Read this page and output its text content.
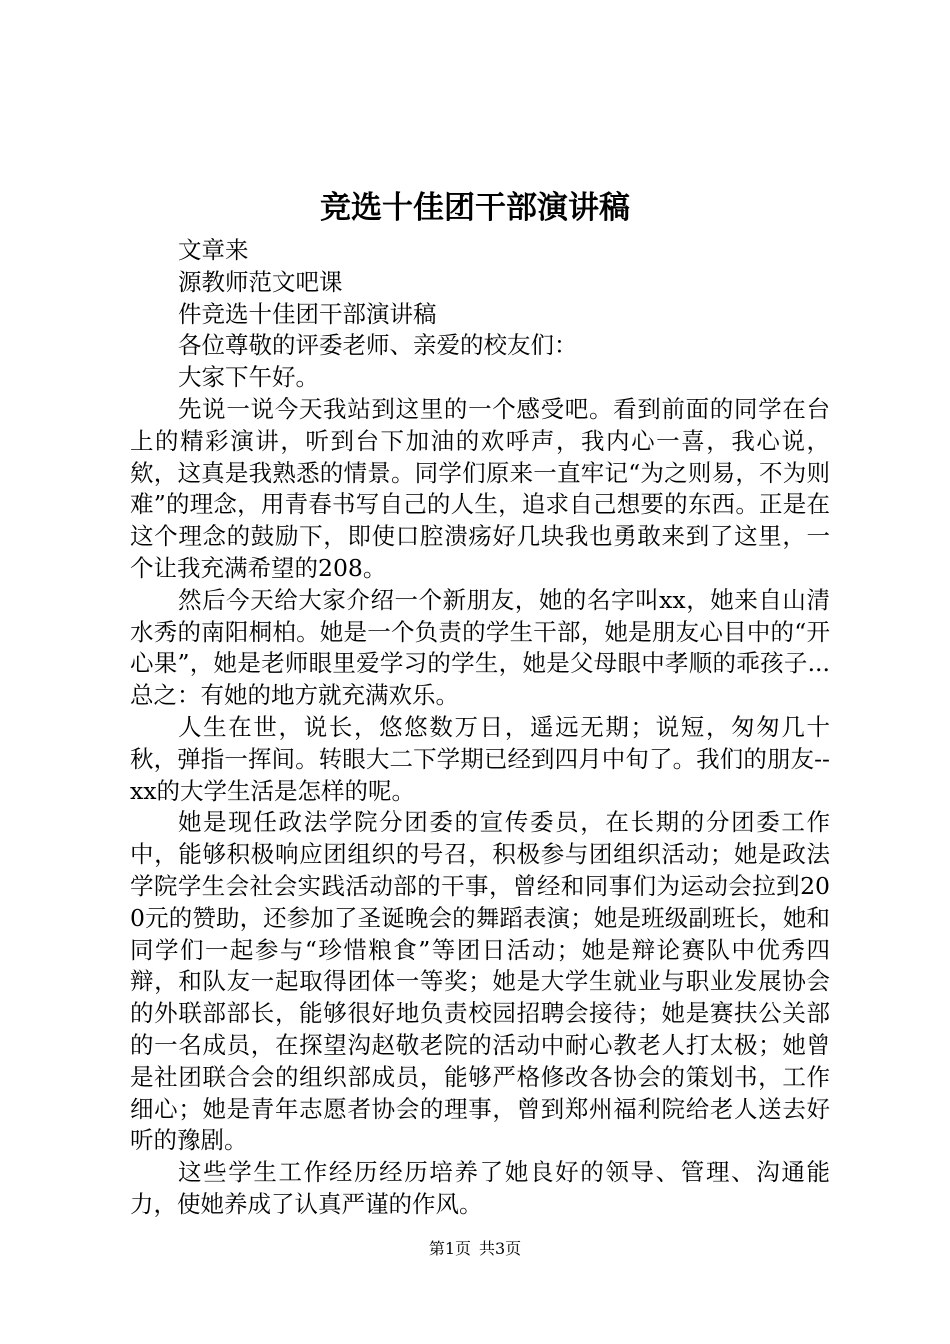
竞选十佳团干部演讲稿

文章来

源教师范文吧课

件竞选十佳团干部演讲稿

各位尊敬的评委老师、亲爱的校友们：

大家下午好。

先说一说今天我站到这里的一个感受吧。看到前面的同学在台上的精彩演讲，听到台下加油的欢呼声，我内心一喜，我心说，欸，这真是我熟悉的情景。同学们原来一直牢记“为之则易，不为则难”的理念，用青春书写自己的人生，追求自己想要的东西。正是在这个理念的鼓励下，即使口腔溃疡好几块我也勇敢来到了这里，一个让我充满希望的208。

然后今天给大家介绍一个新朋友，她的名字叫xx，她来自山清水秀的南阳桐柏。她是一个负责的学生干部，她是朋友心目中的“开心果”，她是老师眼里爱学习的学生，她是父母眼中孝顺的乖孩子...总之：有她的地方就充满欢乐。

人生在世，说长，悠悠数万日，遥远无期；说短，匆匆几十秋，弹指一挥间。转眼大二下学期已经到四月中旬了。我们的朋友--xx的大学生活是怎样的呢。

她是现任政法学院分团委的宣传委员，在长期的分团委工作中，能够积极响应团组织的号召，积极参与团组织活动；她是政法学院学生会社会实践活动部的干事，曾经和同事们为运动会拉到200元的赞助，还参加了圣诞晚会的舞蹈表演；她是班级副班长，她和同学们一起参与“珍惜粮食”等团日活动；她是辩论赛队中优秀四辩，和队友一起取得团体一等奖；她是大学生就业与职业发展协会的外联部部长，能够很好地负责校园招聘会接待；她是赛扶公关部的一名成员，在探望沟赵敬老院的活动中耐心教老人打太极；她曾是社团联合会的组织部成员，能够严格修改各协会的策划书，工作细心；她是青年志愿者协会的理事，曾到郑州福利院给老人送去好听的豫剧。

这些学生工作经历经历培养了她良好的领导、管理、沟通能力，使她养成了认真严谨的作风。

第1页 共3页
